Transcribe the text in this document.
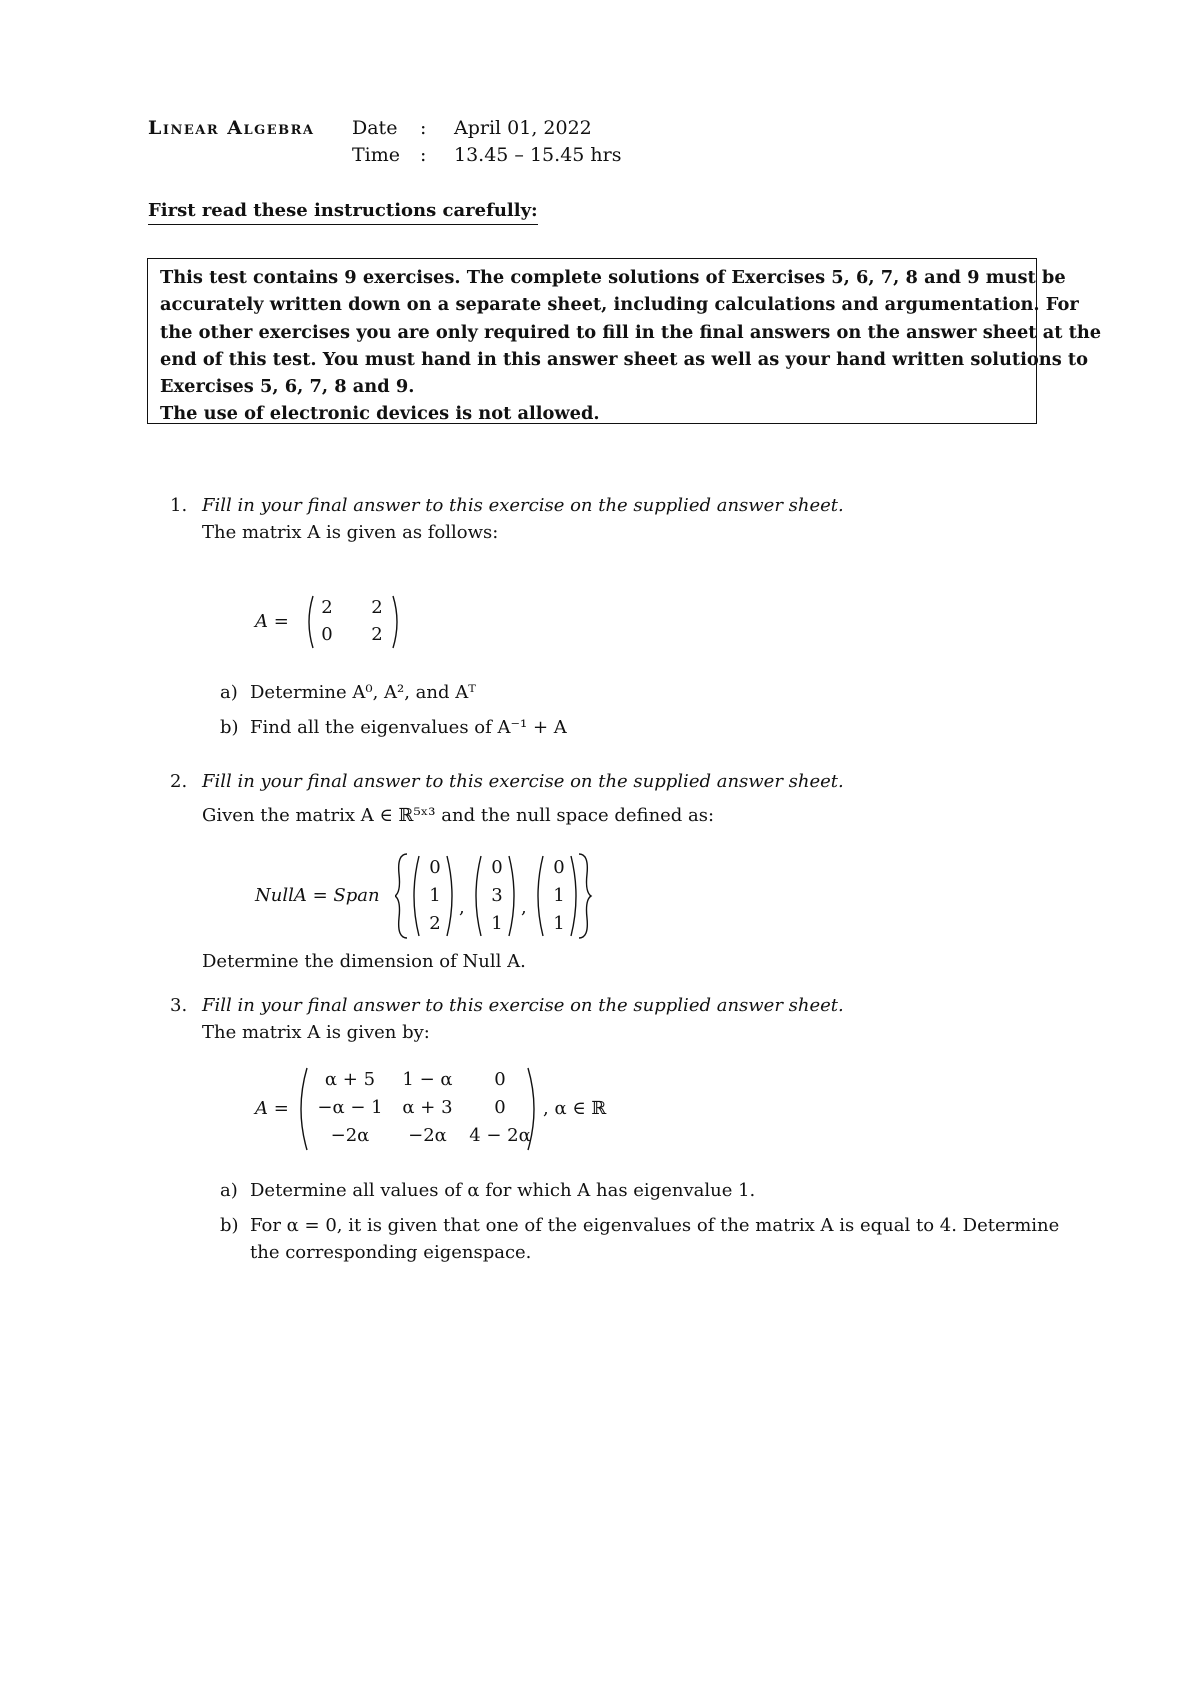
Linear Algebra	Date : April 01, 2022
Time : 13.45 – 15.45 hrs
First read these instructions carefully:
This test contains 9 exercises. The complete solutions of Exercises 5, 6, 7, 8 and 9 must be
accurately written down on a separate sheet, including calculations and argumentation. For
the other exercises you are only required to fill in the final answers on the answer sheet at the
end of this test. You must hand in this answer sheet as well as your hand written solutions to
Exercises 5, 6, 7, 8 and 9.
The use of electronic devices is not allowed.
1. Fill in your final answer to this exercise on the supplied answer sheet.
The matrix A is given as follows:
A =
2 2
0 2
a) Determine A⁰, A², and Aᵀ
b) Find all the eigenvalues of A⁻¹ + A
2. Fill in your final answer to this exercise on the supplied answer sheet.
Given the matrix A ∈ ℝ⁵ˣ³ and the null space defined as:
NullA = Span
0
1
2
,
0
3
1
,
0
1
1
Determine the dimension of Null A.
3. Fill in your final answer to this exercise on the supplied answer sheet.
The matrix A is given by:
A =
α + 5	1 − α	0
−α − 1	α + 3	0
−2α	−2α	4 − 2α
, α ∈ ℝ
a) Determine all values of α for which A has eigenvalue 1.
b) For α = 0, it is given that one of the eigenvalues of the matrix A is equal to 4. Determine
the corresponding eigenspace.
